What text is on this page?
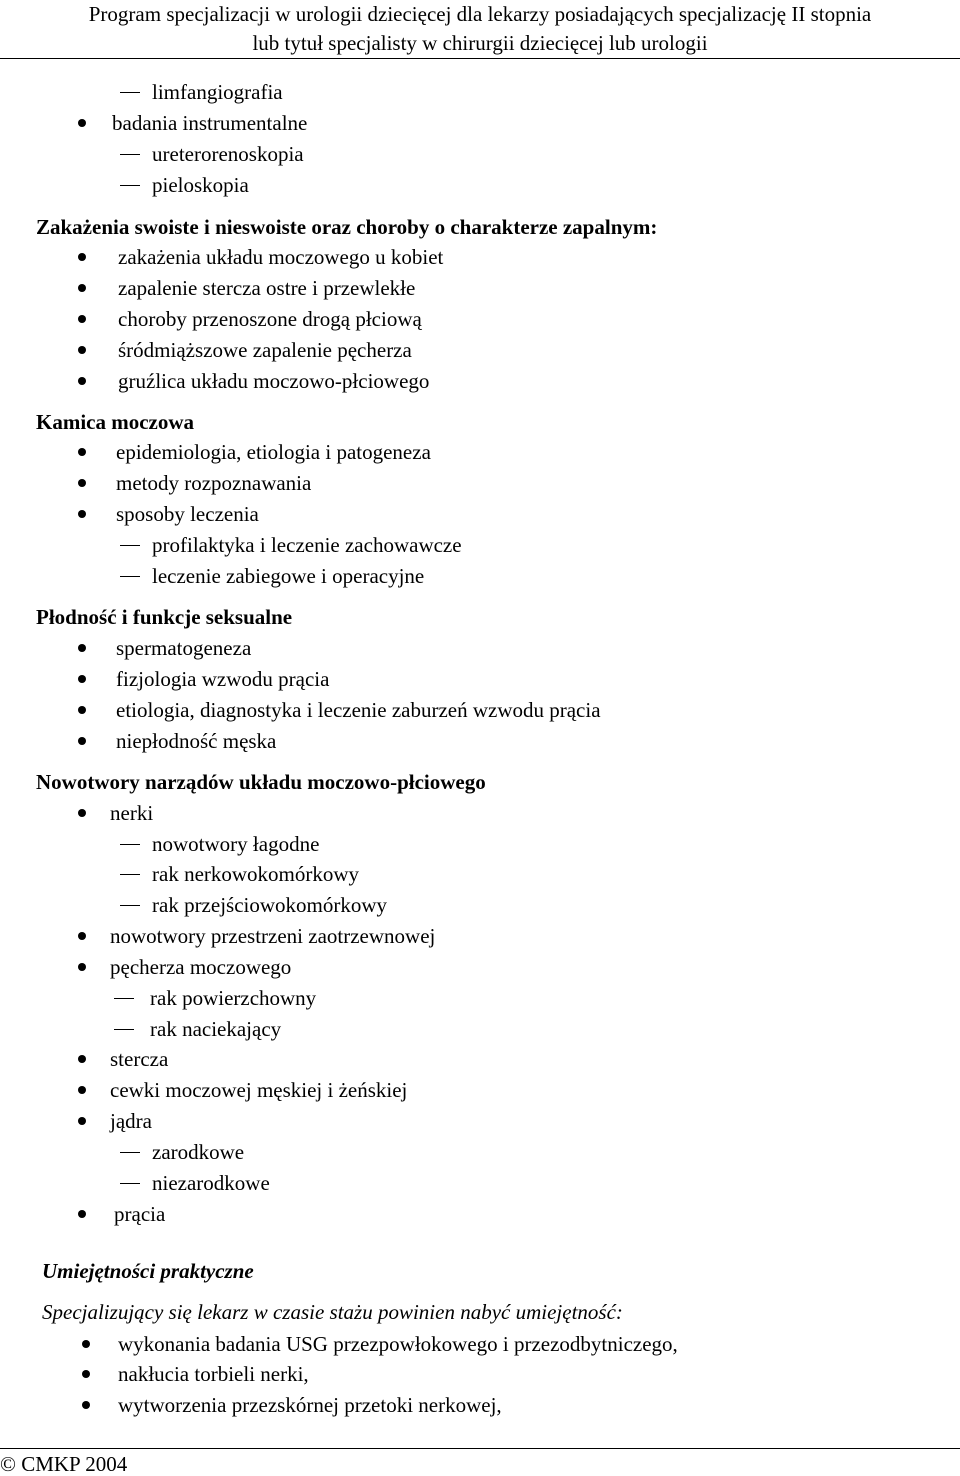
Program specjalizacji w urologii dziecięcej dla lekarzy posiadających specjalizację II stopnia
lub tytuł specjalisty w chirurgii dziecięcej lub urologii
limfangiografia
badania instrumentalne
ureterorenoskopia
pieloskopia
Zakażenia swoiste i nieswoiste oraz choroby o charakterze zapalnym:
zakażenia układu moczowego u kobiet
zapalenie stercza ostre i przewlekłe
choroby przenoszone drogą płciową
śródmiąższowe zapalenie pęcherza
gruźlica układu moczowo-płciowego
Kamica moczowa
epidemiologia, etiologia i patogeneza
metody rozpoznawania
sposoby leczenia
profilaktyka i leczenie zachowawcze
leczenie zabiegowe i operacyjne
Płodność i funkcje seksualne
spermatogeneza
fizjologia wzwodu prącia
etiologia, diagnostyka i leczenie zaburzeń wzwodu prącia
niepłodność męska
Nowotwory narządów układu moczowo-płciowego
nerki
nowotwory łagodne
rak nerkowokomórkowy
rak przejściowokomórkowy
nowotwory przestrzeni zaotrzewnowej
pęcherza moczowego
rak powierzchowny
rak naciekający
stercza
cewki moczowej męskiej i żeńskiej
jądra
zarodkowe
niezarodkowe
prącia
Umiejętności praktyczne
Specjalizujący się lekarz w czasie stażu powinien nabyć umiejętność:
wykonania badania USG przezpowłokowego i przezodbytniczego,
nakłucia torbieli nerki,
wytworzenia przezskórnej przetoki nerkowej,
© CMKP 2004
